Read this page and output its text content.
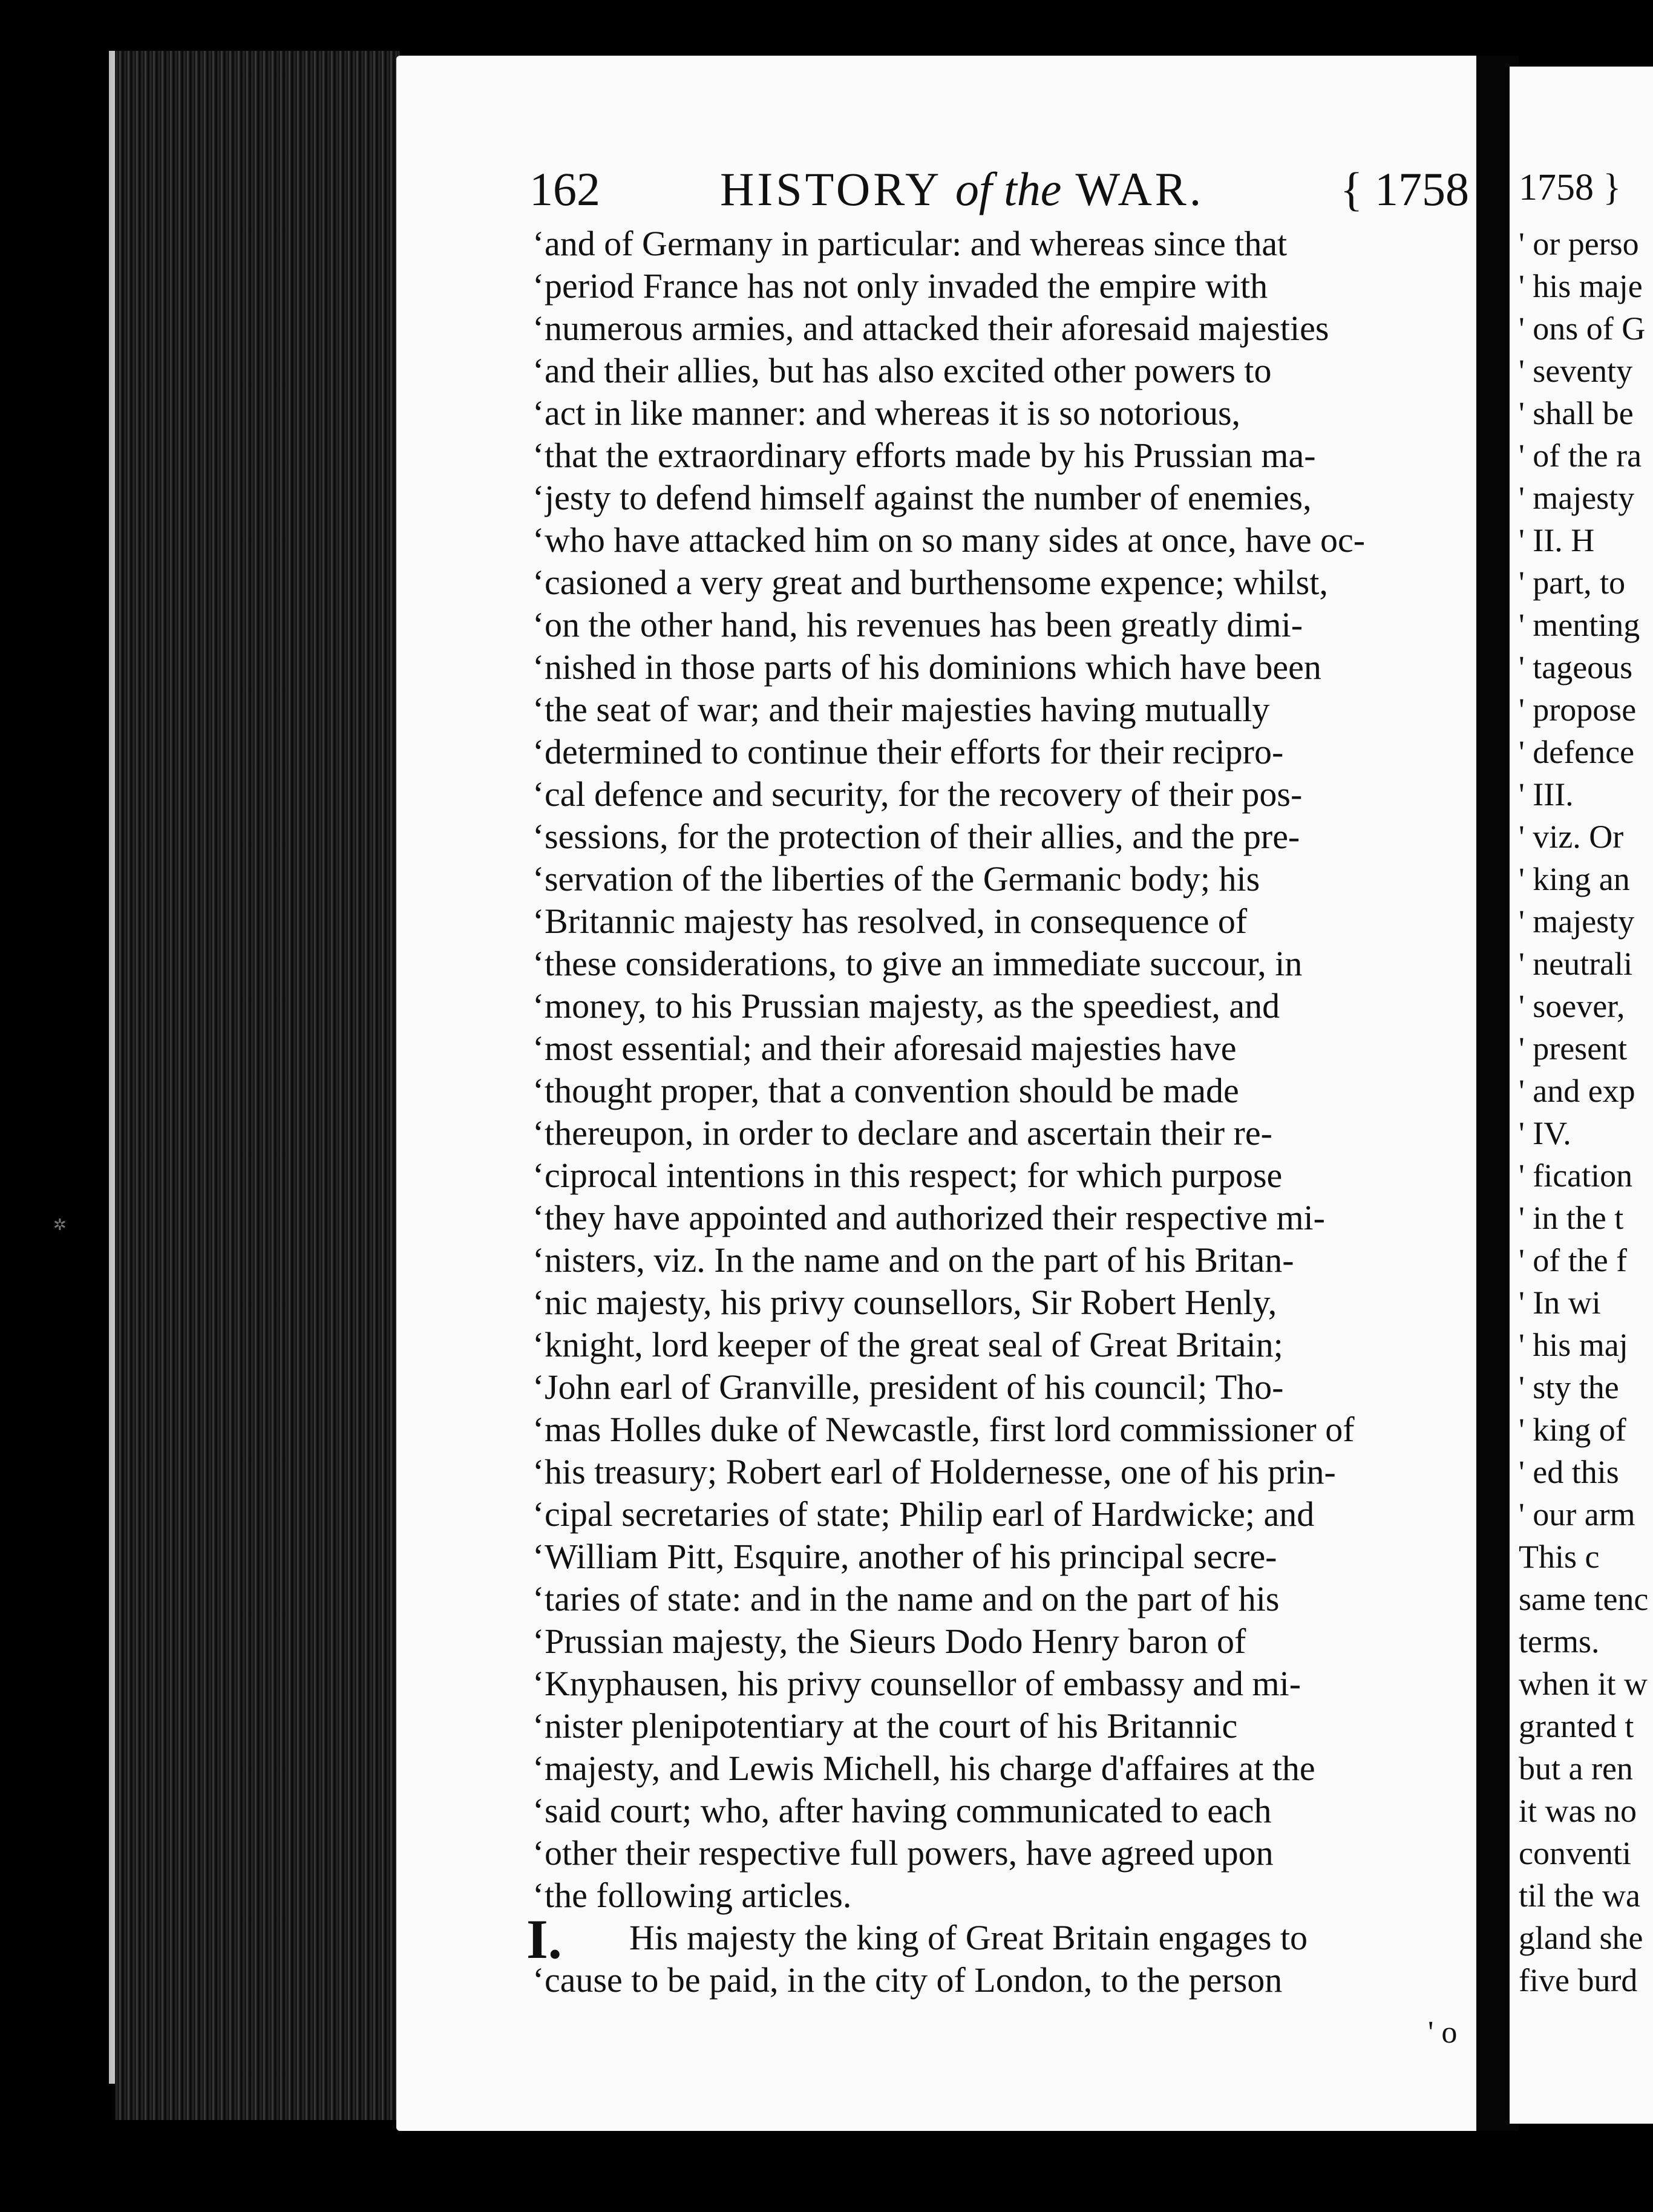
✲
162	HISTORY of the WAR.	{ 1758
‘ and of Germany in particular: and whereas since that
‘ period France has not only invaded the empire with
‘ numerous armies, and attacked their aforesaid majesties
‘ and their allies, but has also excited other powers to
‘ act in like manner: and whereas it is so notorious,
‘ that the extraordinary efforts made by his Prussian ma-
‘ jesty to defend himself against the number of enemies,
‘ who have attacked him on so many sides at once, have oc-
‘ casioned a very great and burthensome expence; whilst,
‘ on the other hand, his revenues has been greatly dimi-
‘ nished in those parts of his dominions which have been
‘ the seat of war; and their majesties having mutually
‘ determined to continue their efforts for their recipro-
‘ cal defence and security, for the recovery of their pos-
‘ sessions, for the protection of their allies, and the pre-
‘ servation of the liberties of the Germanic body; his
‘ Britannic majesty has resolved, in consequence of
‘ these considerations, to give an immediate succour, in
‘ money, to his Prussian majesty, as the speediest, and
‘ most essential; and their aforesaid majesties have
‘ thought proper, that a convention should be made
‘ thereupon, in order to declare and ascertain their re-
‘ ciprocal intentions in this respect; for which purpose
‘ they have appointed and authorized their respective mi-
‘ nisters, viz. In the name and on the part of his Britan-
‘ nic majesty, his privy counsellors, Sir Robert Henly,
‘ knight, lord keeper of the great seal of Great Britain;
‘ John earl of Granville, president of his council; Tho-
‘ mas Holles duke of Newcastle, first lord commissioner of
‘ his treasury; Robert earl of Holdernesse, one of his prin-
‘ cipal secretaries of state; Philip earl of Hardwicke; and
‘ William Pitt, Esquire, another of his principal secre-
‘ taries of state: and in the name and on the part of his
‘ Prussian majesty, the Sieurs Dodo Henry baron of
‘ Knyphausen, his privy counsellor of embassy and mi-
‘ nister plenipotentiary at the court of his Britannic
‘ majesty, and Lewis Michell, his charge d'affaires at the
‘ said court; who, after having communicated to each
‘ other their respective full powers, have agreed upon
‘ the following articles.
His majesty the king of Great Britain engages to
‘ cause to be paid, in the city of London, to the person
1758 }
' or perso
' his maje
' ons of G
' seventy
' shall be
' of the ra
' majesty
' II. H
' part, to
' menting
' tageous
' propose
' defence
' III.
' viz. Or
' king an
' majesty
' neutrali
' soever,
' present
' and exp
' IV.
' fication
' in the t
' of the f
' In wi
' his maj
' sty the
' king of
' ed this
' our arm
This c
same tenc
terms.
when it w
granted t
but a ren
it was no
conventi
til the wa
gland she
five burd
I.
' o
